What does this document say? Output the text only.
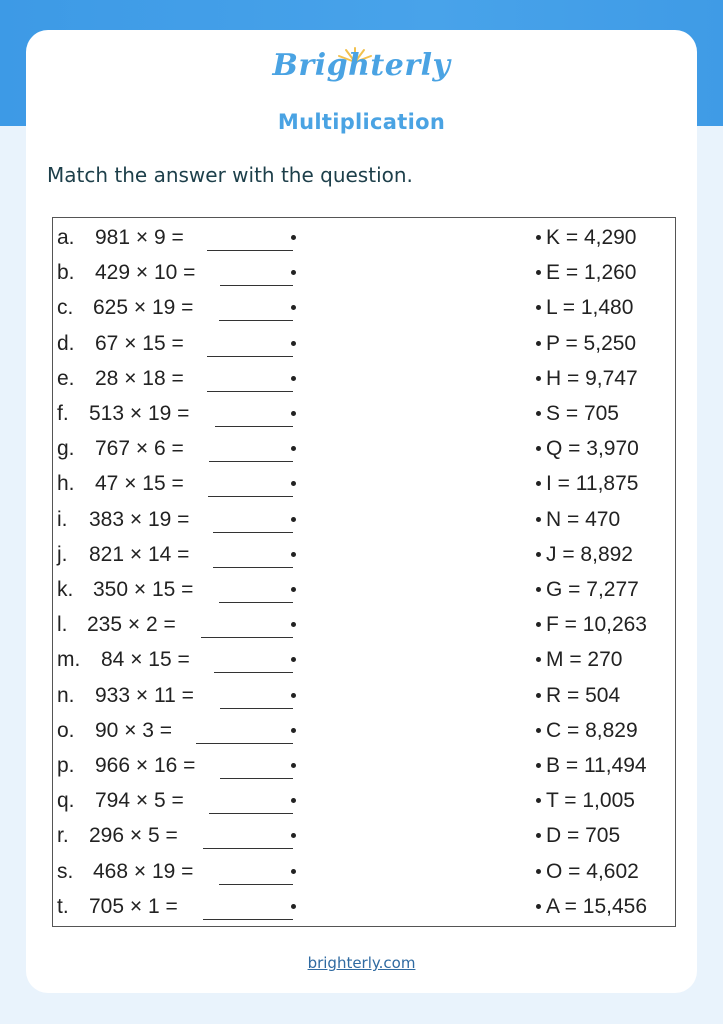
Brighterly
Multiplication
Match the answer with the question.
a. 981 × 9 =	K = 4,290
b. 429 × 10 =	E = 1,260
c. 625 × 19 =	L = 1,480
d. 67 × 15 =	P = 5,250
e. 28 × 18 =	H = 9,747
f. 513 × 19 =	S = 705
g. 767 × 6 =	Q = 3,970
h. 47 × 15 =	I = 11,875
i. 383 × 19 =	N = 470
j. 821 × 14 =	J = 8,892
k. 350 × 15 =	G = 7,277
l. 235 × 2 =	F = 10,263
m. 84 × 15 =	M = 270
n. 933 × 11 =	R = 504
o. 90 × 3 =	C = 8,829
p. 966 × 16 =	B = 11,494
q. 794 × 5 =	T = 1,005
r. 296 × 5 =	D = 705
s. 468 × 19 =	O = 4,602
t. 705 × 1 =	A = 15,456
brighterly.com
